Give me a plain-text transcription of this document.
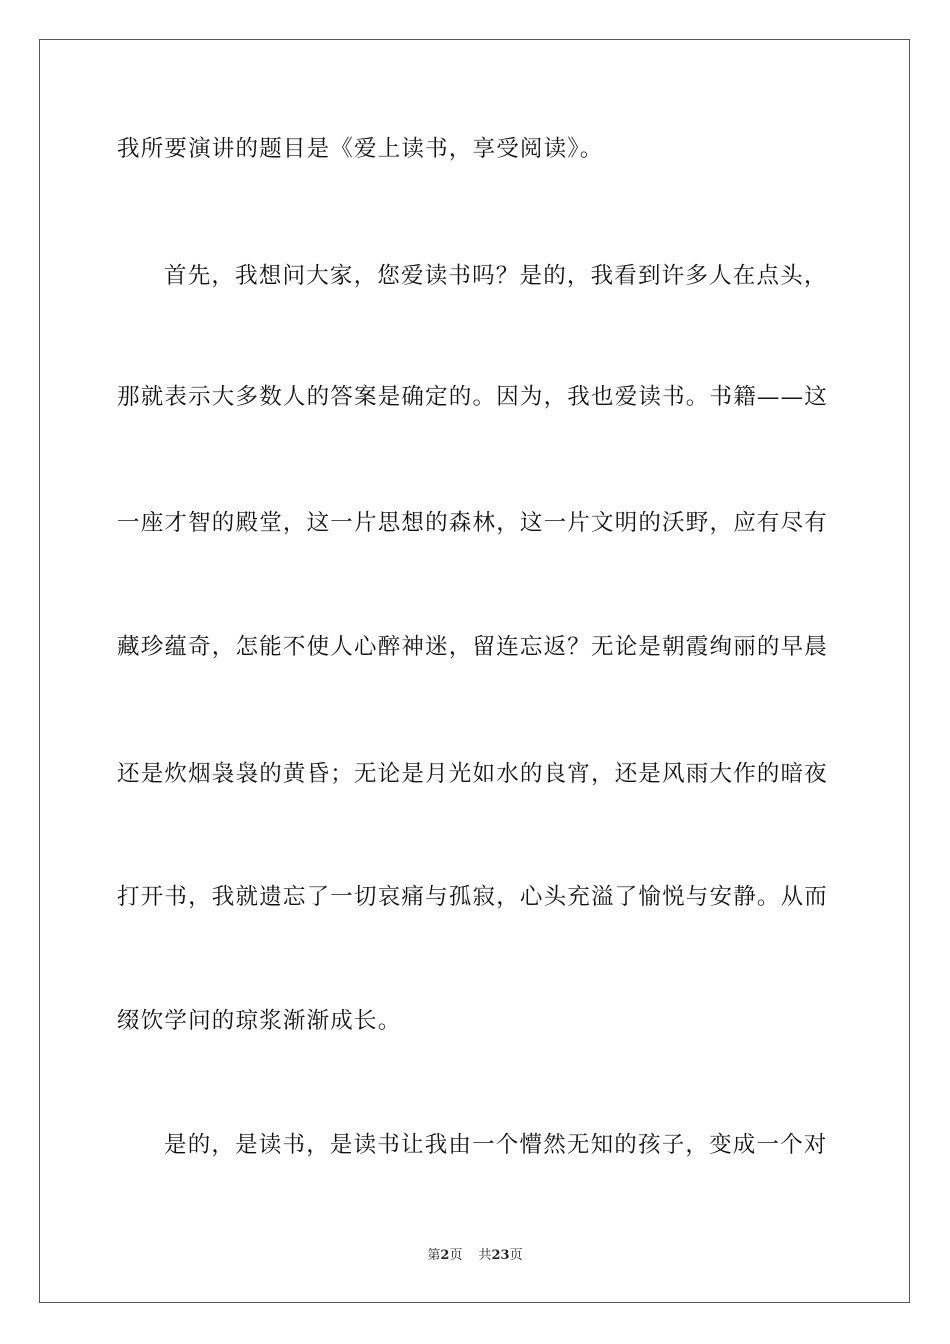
我所要演讲的题目是《爱上读书，享受阅读》。
首先，我想问大家，您爱读书吗？是的，我看到许多人在点头，
那就表示大多数人的答案是确定的。因为，我也爱读书。书籍——这
一座才智的殿堂，这一片思想的森林，这一片文明的沃野，应有尽有
藏珍蕴奇，怎能不使人心醉神迷，留连忘返？无论是朝霞绚丽的早晨
还是炊烟袅袅的黄昏；无论是月光如水的良宵，还是风雨大作的暗夜
打开书，我就遗忘了一切哀痛与孤寂，心头充溢了愉悦与安静。从而
缀饮学问的琼浆渐渐成长。
是的，是读书，是读书让我由一个懵然无知的孩子，变成一个对
第2页 共23页
